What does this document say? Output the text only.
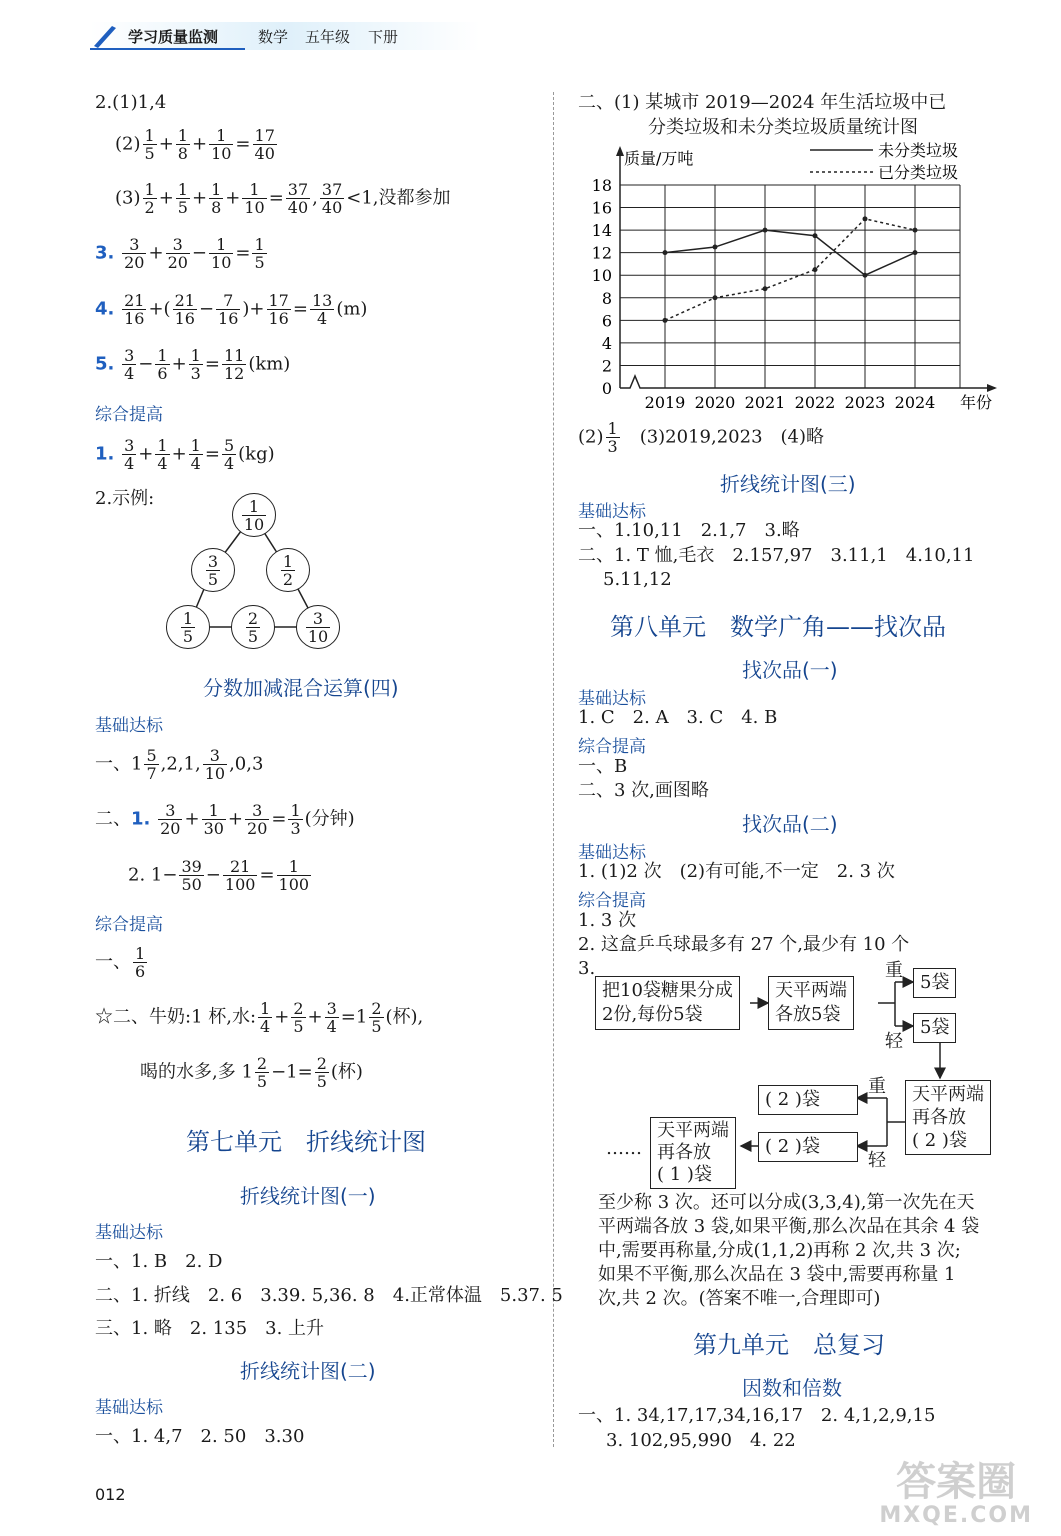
学习质量监测	数学 五年级 下册
2.(1)1,4
$(2) \frac{1}{5} + \frac{1}{8} + \frac{1}{10} = \frac{17}{40}$
$(3) \frac{1}{2} + \frac{1}{5} + \frac{1}{8} + \frac{1}{10} = \frac{37}{40}$ , $\frac{37}{40} <1$,没都参加
3. $\frac{3}{20} + \frac{3}{20} - \frac{1}{10} = \frac{1}{5}$
4. $\frac{21}{16}$ +( $\frac{21}{16} - \frac{7}{16}$ )+ $\frac{17}{16} = \frac{13}{4} (m)$
5. $\frac{3}{4} - \frac{1}{6} + \frac{1}{3} = \frac{11}{12} (km)$
综合提高
1. $\frac{3}{4} + \frac{1}{4} + \frac{1}{4} = \frac{5}{4} (kg)$
2.示例:	$\frac{1}{10}$
$\frac{3}{5}$	$\frac{1}{2}$
$\frac{1}{5}$	$\frac{2}{5}$	$\frac{3}{10}$
分数加减混合运算(四)
基础达标
一、$1 \frac{5}{7} ,2,1$, $\frac{3}{10} ,0,3$
二、1. $\frac{3}{20} + \frac{1}{30} + \frac{3}{20} = \frac{1}{3}$ (分钟)
2. $1- \frac{39}{50} - \frac{21}{100} = \frac{1}{100}$
综合提高
一、 $\frac{1}{6}$
☆二、牛奶:1 杯,水: $\frac{1}{4} + \frac{2}{5} + \frac{3}{4} =1 \frac{2}{5}$ (杯),
喝的水多,多 $1 \frac{2}{5} -1= \frac{2}{5}$ (杯)
第七单元　折线统计图
折线统计图(一)
基础达标
一、1. B　2. D
二、1. 折线　2. 6　3.39. 5,36. 8　4.正常体温　5.37. 5
三、1. 略　2. 135　3. 上升
折线统计图(二)
基础达标
一、1. 4,7　2. 50　3.30
012
二、(1) 某城市 2019—2024 年生活垃圾中已
分类垃圾和未分类垃圾质量统计图
0
2
4
6
8
10
12
14
16
18
2019 2020 2021 2022 2023 2024
质量/万吨
年份
未分类垃圾
已分类垃圾
$(2) \frac{1}{3}$
　 (3)2019,2023　(4)略
折线统计图(三)
基础达标
一、1.10,11　2.1,7　3.略
二、1. T 恤,毛衣　2.157,97　3.11,1　4.10,11
5.11,12
第八单元　数学广角——找次品
找次品(一)
基础达标
1. C　2. A　3. C　4. B
综合提高
一、B
二、3 次,画图略
找次品(二)
基础达标
1. (1)2 次　(2)有可能,不一定　2. 3 次
综合提高
1. 3 次
2. 这盒乒乓球最多有 27 个,最少有 10 个
3.
把10袋糖果分成
2份,每份5袋
天平两端
各放5袋
重
轻
5袋
5袋
天平两端
再各放
( 2 )袋
( 2 )袋
( 2 )袋
重
轻
天平两端
再各放
( 1 )袋
……
至少称 3 次。还可以分成(3,3,4),第一次先在天
平两端各放 3 袋,如果平衡,那么次品在其余 4 袋
中,需要再称量,分成(1,1,2)再称 2 次,共 3 次;
如果不平衡,那么次品在 3 袋中,需要再称量 1
次,共 2 次。(答案不唯一,合理即可)
第九单元　总复习
因数和倍数
一、1. 34,17,17,34,16,17　2. 4,1,2,9,15
3. 102,95,990　4. 22
答案圈
MXQE.COM
